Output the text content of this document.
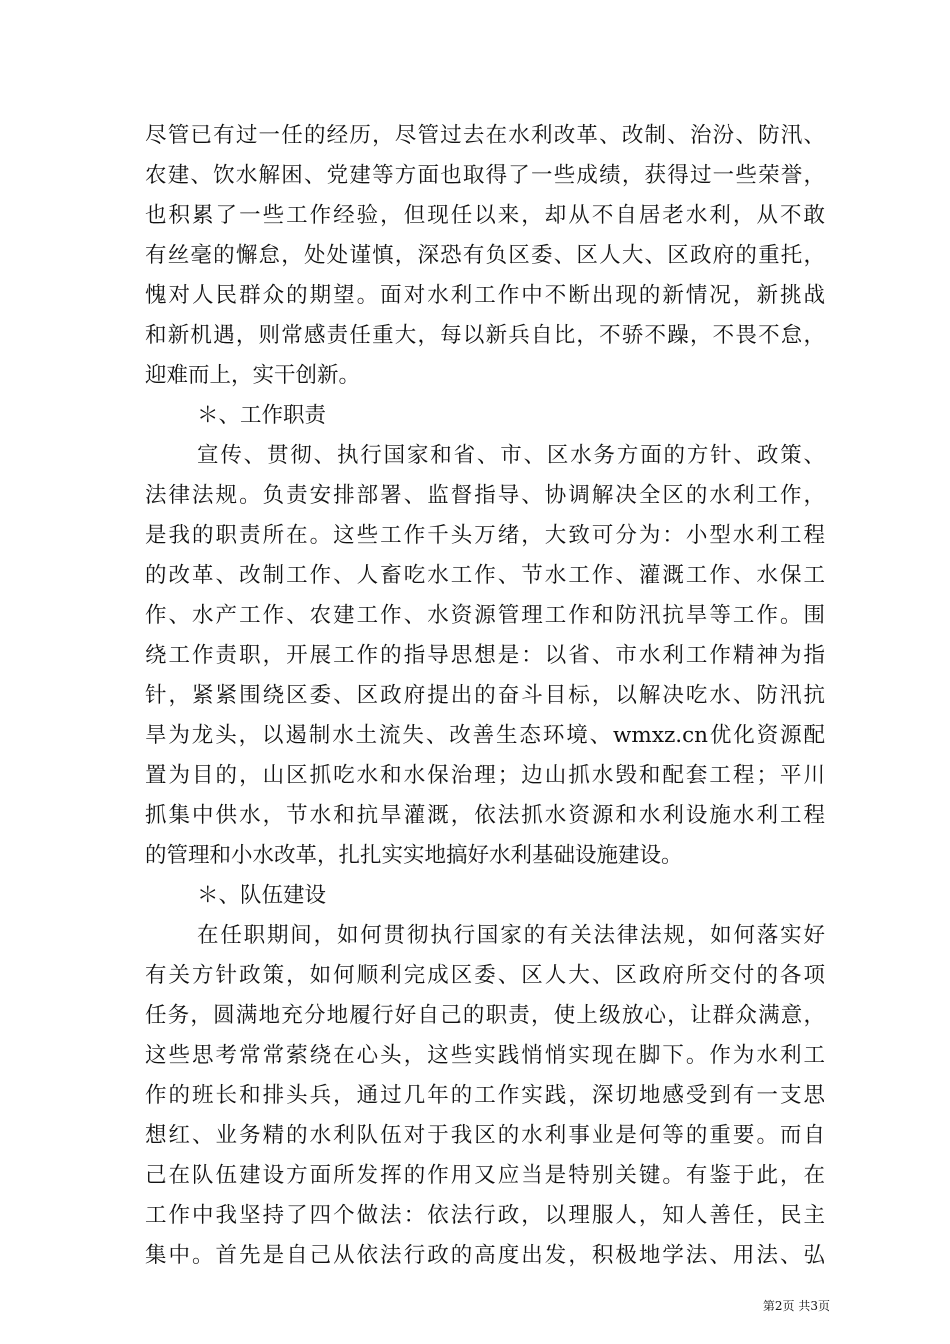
尽管已有过一任的经历，尽管过去在水利改革、改制、治汾、防汛、
农建、饮水解困、党建等方面也取得了一些成绩，获得过一些荣誉，
也积累了一些工作经验，但现任以来，却从不自居老水利，从不敢
有丝毫的懈怠，处处谨慎，深恐有负区委、区人大、区政府的重托，
愧对人民群众的期望。面对水利工作中不断出现的新情况，新挑战
和新机遇，则常感责任重大，每以新兵自比，不骄不躁，不畏不怠，
迎难而上，实干创新。
＊、工作职责
宣传、贯彻、执行国家和省、市、区水务方面的方针、政策、
法律法规。负责安排部署、监督指导、协调解决全区的水利工作，
是我的职责所在。这些工作千头万绪，大致可分为：小型水利工程
的改革、改制工作、人畜吃水工作、节水工作、灌溉工作、水保工
作、水产工作、农建工作、水资源管理工作和防汛抗旱等工作。围
绕工作责职，开展工作的指导思想是：以省、市水利工作精神为指
针，紧紧围绕区委、区政府提出的奋斗目标，以解决吃水、防汛抗
旱为龙头，以遏制水土流失、改善生态环境、wmxz.cn优化资源配
置为目的，山区抓吃水和水保治理；边山抓水毁和配套工程；平川
抓集中供水，节水和抗旱灌溉，依法抓水资源和水利设施水利工程
的管理和小水改革，扎扎实实地搞好水利基础设施建设。
＊、队伍建设
在任职期间，如何贯彻执行国家的有关法律法规，如何落实好
有关方针政策，如何顺利完成区委、区人大、区政府所交付的各项
任务，圆满地充分地履行好自己的职责，使上级放心，让群众满意，
这些思考常常萦绕在心头，这些实践悄悄实现在脚下。作为水利工
作的班长和排头兵，通过几年的工作实践，深切地感受到有一支思
想红、业务精的水利队伍对于我区的水利事业是何等的重要。而自
己在队伍建设方面所发挥的作用又应当是特别关键。有鉴于此，在
工作中我坚持了四个做法：依法行政，以理服人，知人善任，民主
集中。首先是自己从依法行政的高度出发，积极地学法、用法、弘
第2页 共3页
